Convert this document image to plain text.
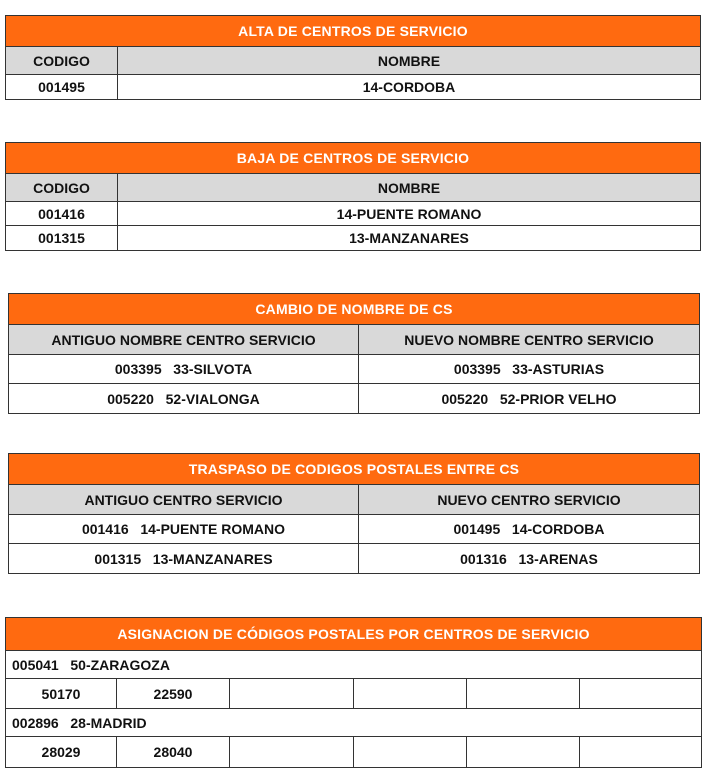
ALTA DE CENTROS DE SERVICIO
CODIGO	NOMBRE
001495	14-CORDOBA
BAJA DE CENTROS DE SERVICIO
CODIGO	NOMBRE
001416	14-PUENTE ROMANO
001315	13-MANZANARES
CAMBIO DE NOMBRE DE CS
ANTIGUO NOMBRE CENTRO SERVICIO	NUEVO NOMBRE CENTRO SERVICIO
003395   33-SILVOTA	003395   33-ASTURIAS
005220   52-VIALONGA	005220   52-PRIOR VELHO
TRASPASO DE CODIGOS POSTALES ENTRE CS
ANTIGUO CENTRO SERVICIO	NUEVO CENTRO SERVICIO
001416   14-PUENTE ROMANO	001495   14-CORDOBA
001315   13-MANZANARES	001316   13-ARENAS
ASIGNACION DE CÓDIGOS POSTALES POR CENTROS DE SERVICIO
005041   50-ZARAGOZA
50170	22590
002896   28-MADRID
28029	28040
